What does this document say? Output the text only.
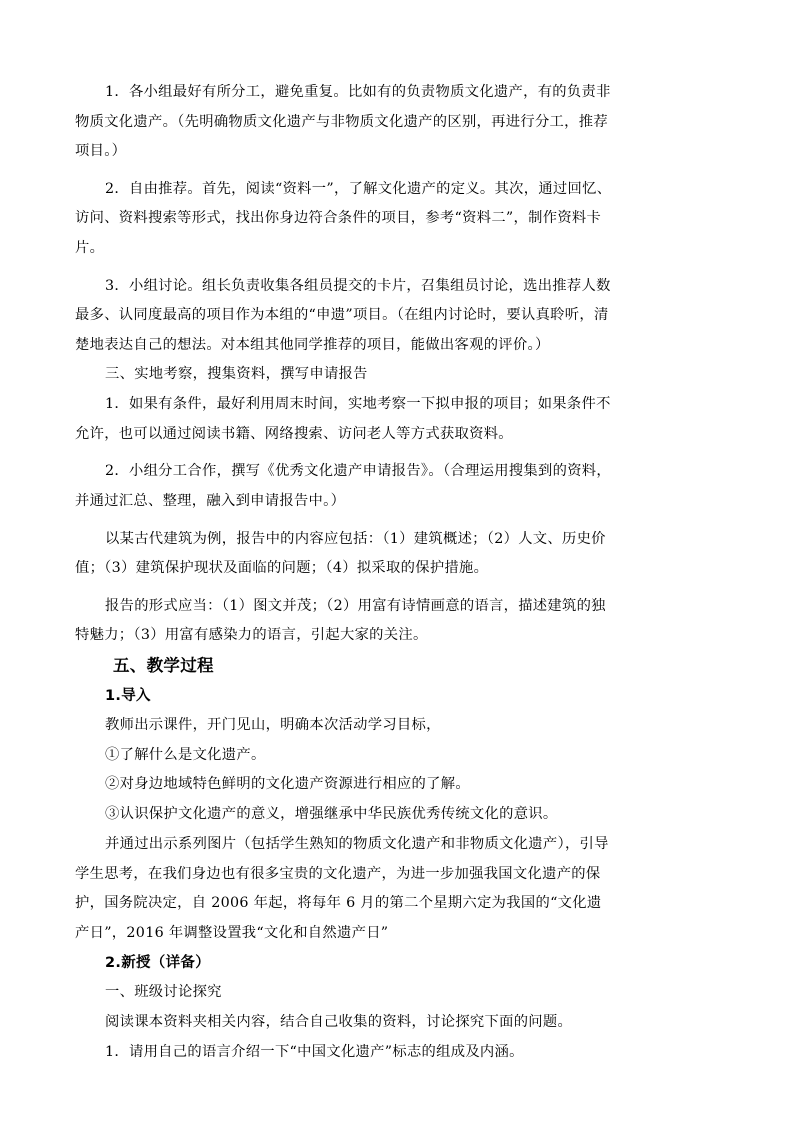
1．各小组最好有所分工，避免重复。比如有的负责物质文化遗产，有的负责非物质文化遗产。（先明确物质文化遗产与非物质文化遗产的区别，再进行分工，推荐项目。）

2．自由推荐。首先，阅读“资料一”，了解文化遗产的定义。其次，通过回忆、访问、资料搜索等形式，找出你身边符合条件的项目，参考“资料二”，制作资料卡片。

3．小组讨论。组长负责收集各组员提交的卡片，召集组员讨论，选出推荐人数最多、认同度最高的项目作为本组的“申遗”项目。（在组内讨论时，要认真聆听，清楚地表达自己的想法。对本组其他同学推荐的项目，能做出客观的评价。）

三、实地考察，搜集资料，撰写申请报告

1．如果有条件，最好利用周末时间，实地考察一下拟申报的项目；如果条件不允许，也可以通过阅读书籍、网络搜索、访问老人等方式获取资料。

2．小组分工合作，撰写《优秀文化遗产申请报告》。（合理运用搜集到的资料，并通过汇总、整理，融入到申请报告中。）

以某古代建筑为例，报告中的内容应包括：（1）建筑概述；（2）人文、历史价值；（3）建筑保护现状及面临的问题；（4）拟采取的保护措施。

报告的形式应当：（1）图文并茂；（2）用富有诗情画意的语言，描述建筑的独特魅力；（3）用富有感染力的语言，引起大家的关注。

五、教学过程
1.导入

教师出示课件，开门见山，明确本次活动学习目标，

①了解什么是文化遗产。

②对身边地域特色鲜明的文化遗产资源进行相应的了解。

③认识保护文化遗产的意义，增强继承中华民族优秀传统文化的意识。

并通过出示系列图片（包括学生熟知的物质文化遗产和非物质文化遗产），引导学生思考，在我们身边也有很多宝贵的文化遗产，为进一步加强我国文化遗产的保护，国务院决定，自 2006 年起，将每年 6 月的第二个星期六定为我国的“文化遗产日”，2016 年调整设置我“文化和自然遗产日”

2.新授（详备）

一、班级讨论探究

阅读课本资料夹相关内容，结合自己收集的资料，讨论探究下面的问题。

1．请用自己的语言介绍一下“中国文化遗产”标志的组成及内涵。
